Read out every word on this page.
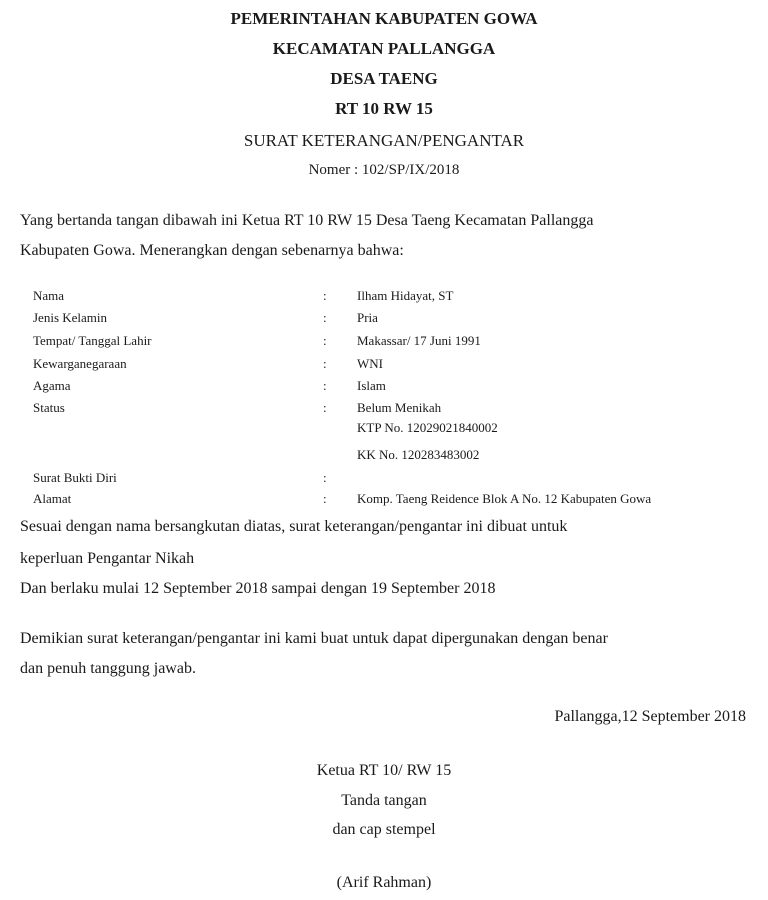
PEMERINTAHAN KABUPATEN GOWA
KECAMATAN PALLANGGA
DESA TAENG
RT 10 RW 15
SURAT KETERANGAN/PENGANTAR
Nomer : 102/SP/IX/2018
Yang bertanda tangan dibawah ini Ketua RT 10 RW 15 Desa Taeng Kecamatan Pallangga
Kabupaten Gowa. Menerangkan dengan sebenarnya bahwa:
Nama	: Ilham Hidayat, ST
Jenis Kelamin	: Pria
Tempat/ Tanggal Lahir	: Makassar/ 17 Juni 1991
Kewarganegaraan	: WNI
Agama	: Islam
Status	: Belum Menikah
KTP No. 12029021840002
KK No. 120283483002
Surat Bukti Diri	:
Alamat	: Komp. Taeng Reidence Blok A No. 12 Kabupaten Gowa
Sesuai dengan nama bersangkutan diatas, surat keterangan/pengantar ini dibuat untuk
keperluan Pengantar Nikah
Dan berlaku mulai 12 September 2018 sampai dengan 19 September 2018
Demikian surat keterangan/pengantar ini kami buat untuk dapat dipergunakan dengan benar
dan penuh tanggung jawab.
Pallangga,12 September 2018
Ketua RT 10/ RW 15
Tanda tangan
dan cap stempel
(Arif Rahman)
